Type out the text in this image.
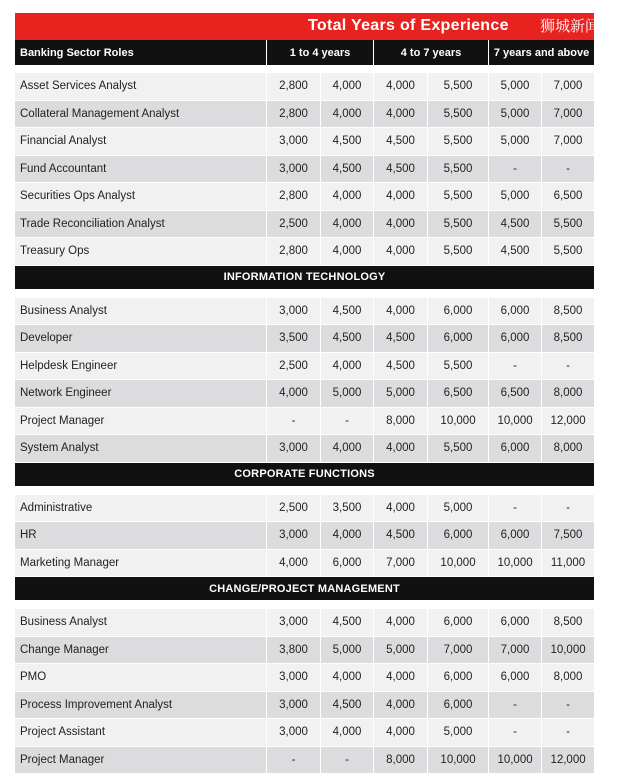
Total Years of Experience 狮城新闻
Banking Sector Roles	1 to 4 years		4 to 7 years		7 years and above	

Asset Services Analyst	2,800	4,000	4,000	5,500	5,000	7,000
Collateral Management Analyst	2,800	4,000	4,000	5,500	5,000	7,000
Financial Analyst	3,000	4,500	4,500	5,500	5,000	7,000
Fund Accountant	3,000	4,500	4,500	5,500	-	-
Securities Ops Analyst	2,800	4,000	4,000	5,500	5,000	6,500
Trade Reconciliation Analyst	2,500	4,000	4,000	5,500	4,500	5,500
Treasury Ops	2,800	4,000	4,000	5,500	4,500	5,500
INFORMATION TECHNOLOGY						

Business Analyst	3,000	4,500	4,000	6,000	6,000	8,500
Developer	3,500	4,500	4,500	6,000	6,000	8,500
Helpdesk Engineer	2,500	4,000	4,500	5,500	-	-
Network Engineer	4,000	5,000	5,000	6,500	6,500	8,000
Project Manager	-	-	8,000	10,000	10,000	12,000
System Analyst	3,000	4,000	4,000	5,500	6,000	8,000
CORPORATE FUNCTIONS						

Administrative	2,500	3,500	4,000	5,000	-	-
HR	3,000	4,000	4,500	6,000	6,000	7,500
Marketing Manager	4,000	6,000	7,000	10,000	10,000	11,000
CHANGE/PROJECT MANAGEMENT						

Business Analyst	3,000	4,500	4,000	6,000	6,000	8,500
Change Manager	3,800	5,000	5,000	7,000	7,000	10,000
PMO	3,000	4,000	4,000	6,000	6,000	8,000
Process Improvement Analyst	3,000	4,500	4,000	6,000	-	-
Project Assistant	3,000	4,000	4,000	5,000	-	-
Project Manager	-	-	8,000	10,000	10,000	12,000
